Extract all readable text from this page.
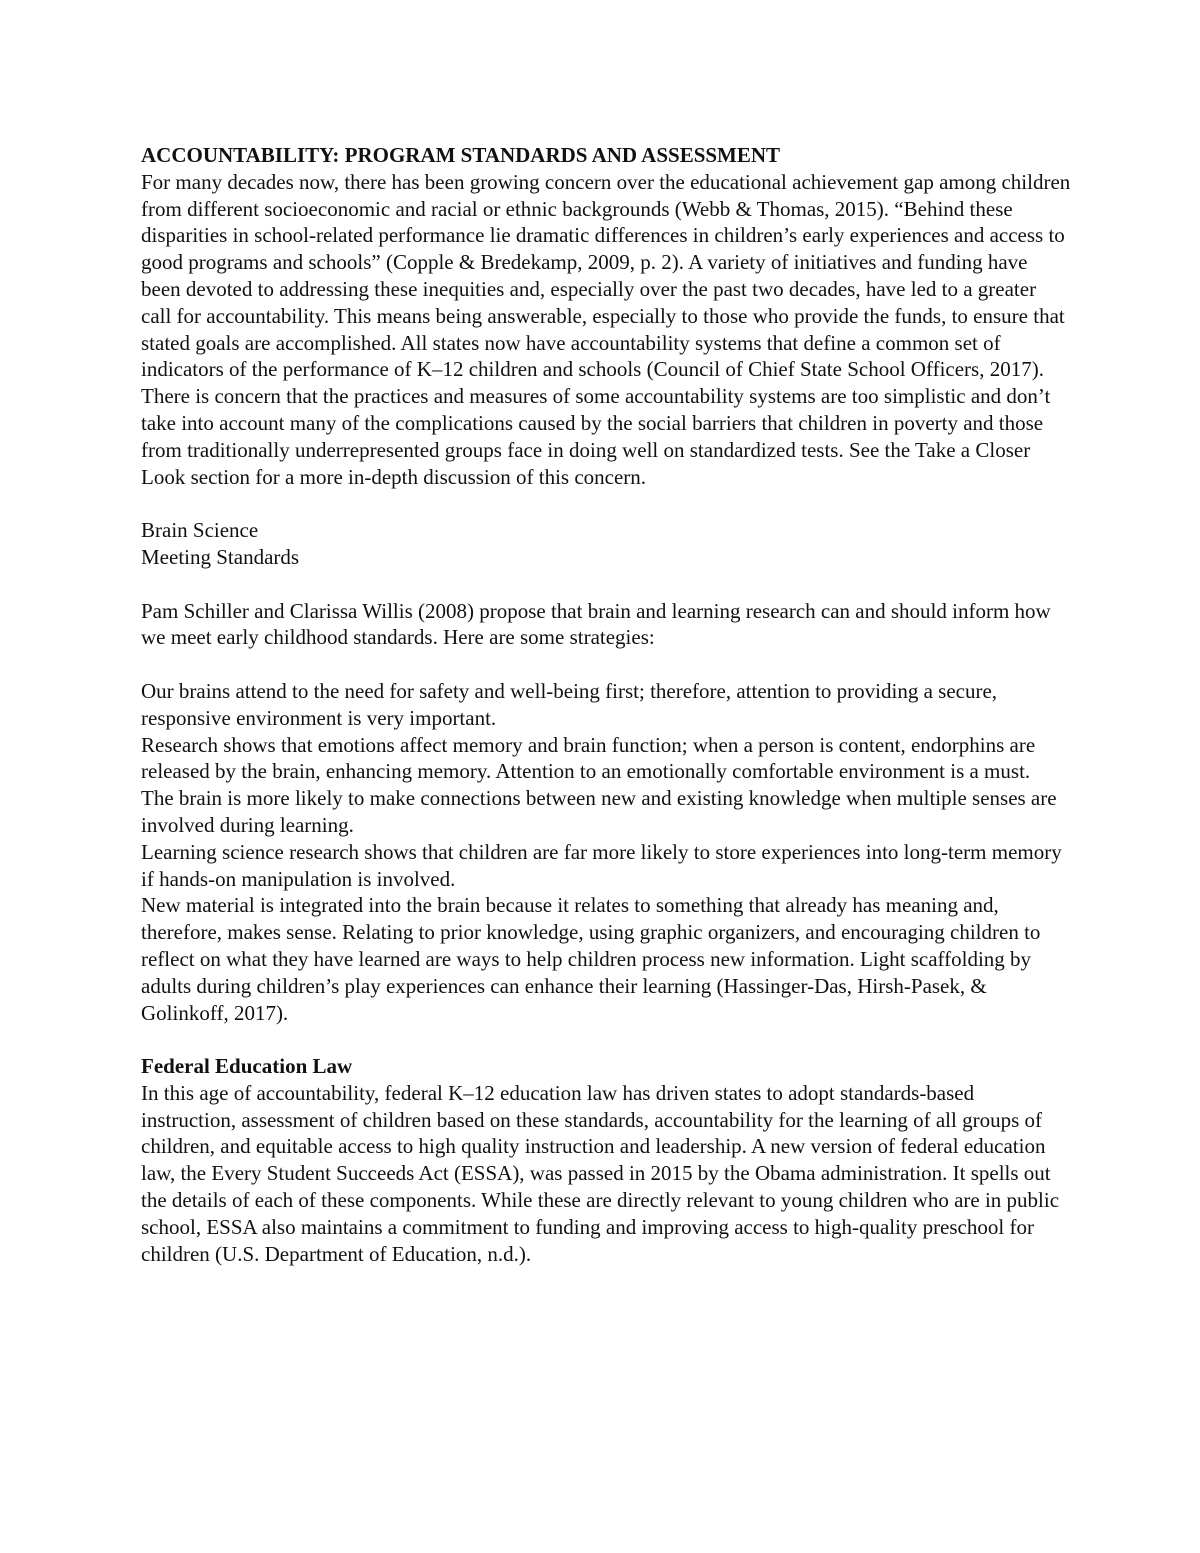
ACCOUNTABILITY: PROGRAM STANDARDS AND ASSESSMENT

For many decades now, there has been growing concern over the educational achievement gap among children from different socioeconomic and racial or ethnic backgrounds (Webb & Thomas, 2015). “Behind these disparities in school-related performance lie dramatic differences in children’s early experiences and access to good programs and schools” (Copple & Bredekamp, 2009, p. 2). A variety of initiatives and funding have been devoted to addressing these inequities and, especially over the past two decades, have led to a greater call for accountability. This means being answerable, especially to those who provide the funds, to ensure that stated goals are accomplished. All states now have accountability systems that define a common set of indicators of the performance of K–12 children and schools (Council of Chief State School Officers, 2017). There is concern that the practices and measures of some accountability systems are too simplistic and don’t take into account many of the complications caused by the social barriers that children in poverty and those from traditionally underrepresented groups face in doing well on standardized tests. See the Take a Closer Look section for a more in-depth discussion of this concern.

Brain Science

Meeting Standards

Pam Schiller and Clarissa Willis (2008) propose that brain and learning research can and should inform how we meet early childhood standards. Here are some strategies:

Our brains attend to the need for safety and well-being first; therefore, attention to providing a secure, responsive environment is very important.
Research shows that emotions affect memory and brain function; when a person is content, endorphins are released by the brain, enhancing memory. Attention to an emotionally comfortable environment is a must.
The brain is more likely to make connections between new and existing knowledge when multiple senses are involved during learning.
Learning science research shows that children are far more likely to store experiences into long-term memory if hands-on manipulation is involved.
New material is integrated into the brain because it relates to something that already has meaning and, therefore, makes sense. Relating to prior knowledge, using graphic organizers, and encouraging children to reflect on what they have learned are ways to help children process new information. Light scaffolding by adults during children’s play experiences can enhance their learning (Hassinger-Das, Hirsh-Pasek, & Golinkoff, 2017).

Federal Education Law

In this age of accountability, federal K–12 education law has driven states to adopt standards-based instruction, assessment of children based on these standards, accountability for the learning of all groups of children, and equitable access to high quality instruction and leadership. A new version of federal education law, the Every Student Succeeds Act (ESSA), was passed in 2015 by the Obama administration. It spells out the details of each of these components. While these are directly relevant to young children who are in public school, ESSA also maintains a commitment to funding and improving access to high-quality preschool for children (U.S. Department of Education, n.d.).
